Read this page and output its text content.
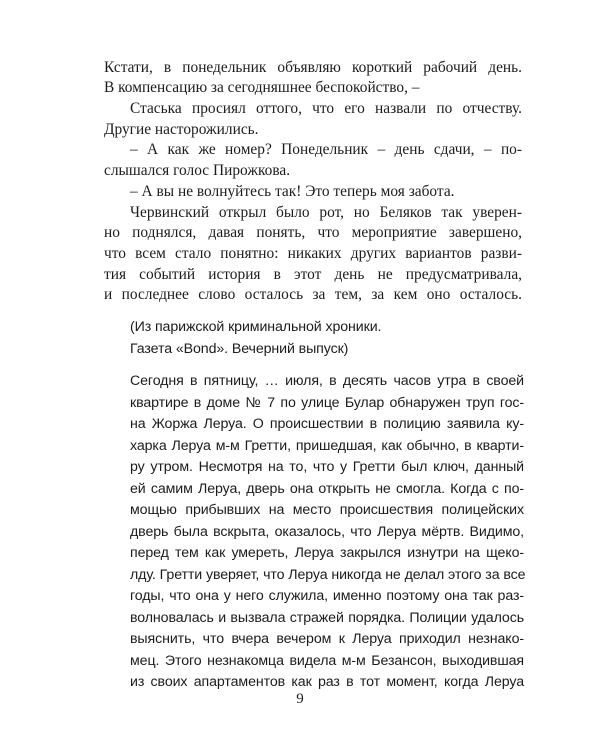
Кстати, в понедельник объявляю короткий рабочий день.

В компенсацию за сегодняшнее беспокойство, –

Стаська просиял оттого, что его назвали по отчеству.

Другие насторожились.

– А как же номер? Понедельник – день сдачи, – по-

слышался голос Пирожкова.

– А вы не волнуйтесь так! Это теперь моя забота.

Червинский открыл было рот, но Беляков так уверен-

но поднялся, давая понять, что мероприятие завершено,

что всем стало понятно: никаких других вариантов разви-

тия событий история в этот день не предусматривала,

и последнее слово осталось за тем, за кем оно осталось.

(Из парижской криминальной хроники.

Газета «Bond». Вечерний выпуск)

Сегодня в пятницу, … июля, в десять часов утра в своей

квартире в доме № 7 по улице Булар обнаружен труп гос-

на Жоржа Леруа. О происшествии в полицию заявила ку-

харка Леруа м-м Гретти, пришедшая, как обычно, в кварти-

ру утром. Несмотря на то, что у Гретти был ключ, данный

ей самим Леруа, дверь она открыть не смогла. Когда с по-

мощью прибывших на место происшествия полицейских

дверь была вскрыта, оказалось, что Леруа мёртв. Видимо,

перед тем как умереть, Леруа закрылся изнутри на щеко-

лду. Гретти уверяет, что Леруа никогда не делал этого за все

годы, что она у него служила, именно поэтому она так раз-

волновалась и вызвала стражей порядка. Полиции удалось

выяснить, что вчера вечером к Леруа приходил незнако-

мец. Этого незнакомца видела м-м Безансон, выходившая

из своих апартаментов как раз в тот момент, когда Леруа

9
